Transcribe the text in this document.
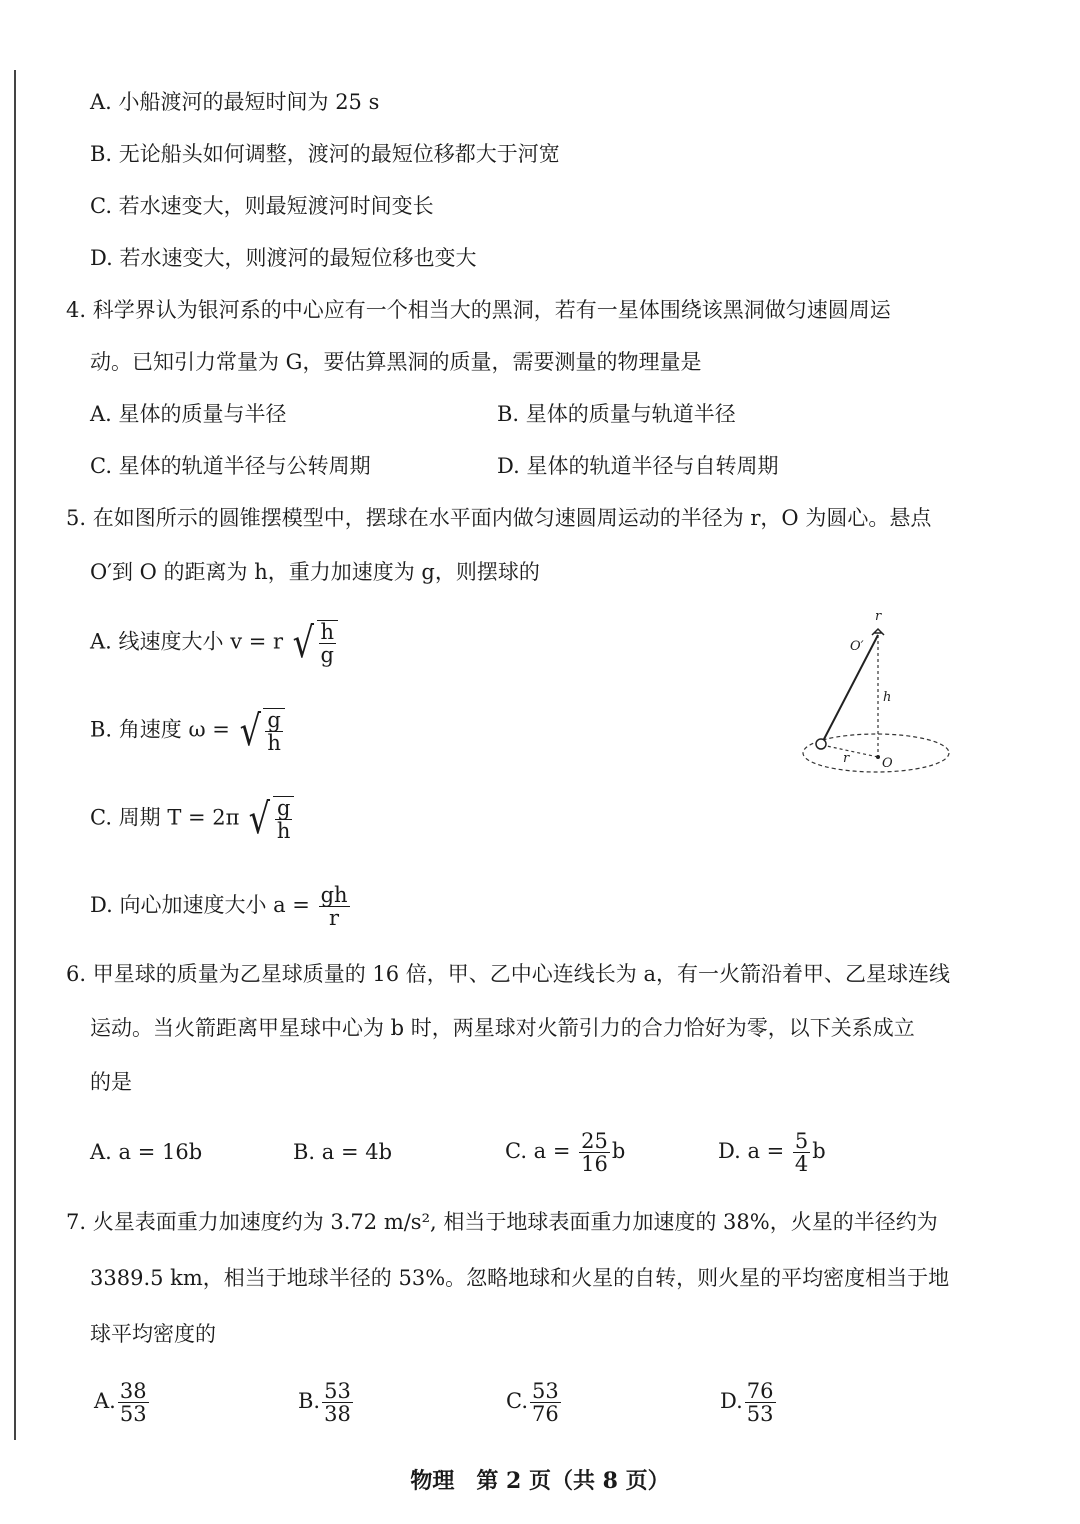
A. 小船渡河的最短时间为 25 s
B. 无论船头如何调整，渡河的最短位移都大于河宽
C. 若水速变大，则最短渡河时间变长
D. 若水速变大，则渡河的最短位移也变大
4. 科学界认为银河系的中心应有一个相当大的黑洞，若有一星体围绕该黑洞做匀速圆周运
动。已知引力常量为 G，要估算黑洞的质量，需要测量的物理量是
A. 星体的质量与半径	B. 星体的质量与轨道半径
C. 星体的轨道半径与公转周期	D. 星体的轨道半径与自转周期
5. 在如图所示的圆锥摆模型中，摆球在水平面内做匀速圆周运动的半径为 r，O 为圆心。悬点
O′到 O 的距离为 h，重力加速度为 g，则摆球的
A. 线速度大小 v = r √ $\frac{h}{g}$
B. 角速度 ω = √ $\frac{g}{h}$
C. 周期 T = 2π √ $\frac{g}{h}$
D. 向心加速度大小 $a = \frac{gh}{r}$
r
O′
h
r	O
6. 甲星球的质量为乙星球质量的 16 倍，甲、乙中心连线长为 a，有一火箭沿着甲、乙星球连线
运动。当火箭距离甲星球中心为 b 时，两星球对火箭引力的合力恰好为零，以下关系成立
的是
A. a = 16b	B. a = 4b	C. $a = \frac{25}{16}$ b	D. $a = \frac{5}{4}$ b
7. 火星表面重力加速度约为 3.72 m/s², 相当于地球表面重力加速度的 38%，火星的半径约为
3389.5 km，相当于地球半径的 53%。忽略地球和火星的自转，则火星的平均密度相当于地
球平均密度的
A. $\frac{38}{53}$	B. $\frac{53}{38}$	C. $\frac{53}{76}$	D. $\frac{76}{53}$
物理　第 2 页（共 8 页）
